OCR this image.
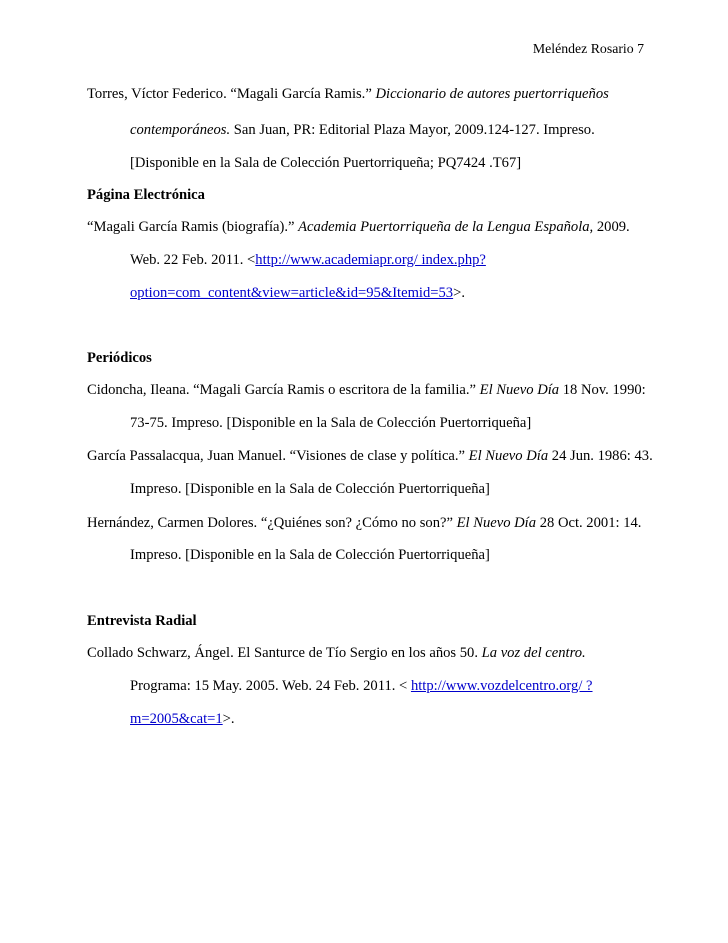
Meléndez Rosario 7
Torres, Víctor Federico. “Magali García Ramis.” Diccionario de autores puertorriqueños
contemporáneos. San Juan, PR: Editorial Plaza Mayor, 2009.124-127. Impreso.
[Disponible en la Sala de Colección Puertorriqueña; PQ7424 .T67]
Página Electrónica
“Magali García Ramis (biografía).” Academia Puertorriqueña de la Lengua Española, 2009.
Web. 22 Feb. 2011. <http://www.academiapr.org/ index.php?
option=com_content&view=article&id=95&Itemid=53>.
Periódicos
Cidoncha, Ileana. “Magali García Ramis o escritora de la familia.” El Nuevo Día 18 Nov. 1990:
73-75. Impreso. [Disponible en la Sala de Colección Puertorriqueña]
García Passalacqua, Juan Manuel. “Visiones de clase y política.” El Nuevo Día 24 Jun. 1986: 43.
Impreso. [Disponible en la Sala de Colección Puertorriqueña]
Hernández, Carmen Dolores. “¿Quiénes son? ¿Cómo no son?” El Nuevo Día 28 Oct. 2001: 14.
Impreso. [Disponible en la Sala de Colección Puertorriqueña]
Entrevista Radial
Collado Schwarz, Ángel. El Santurce de Tío Sergio en los años 50. La voz del centro.
Programa: 15 May. 2005. Web. 24 Feb. 2011. < http://www.vozdelcentro.org/ ?
m=2005&cat=1>.
